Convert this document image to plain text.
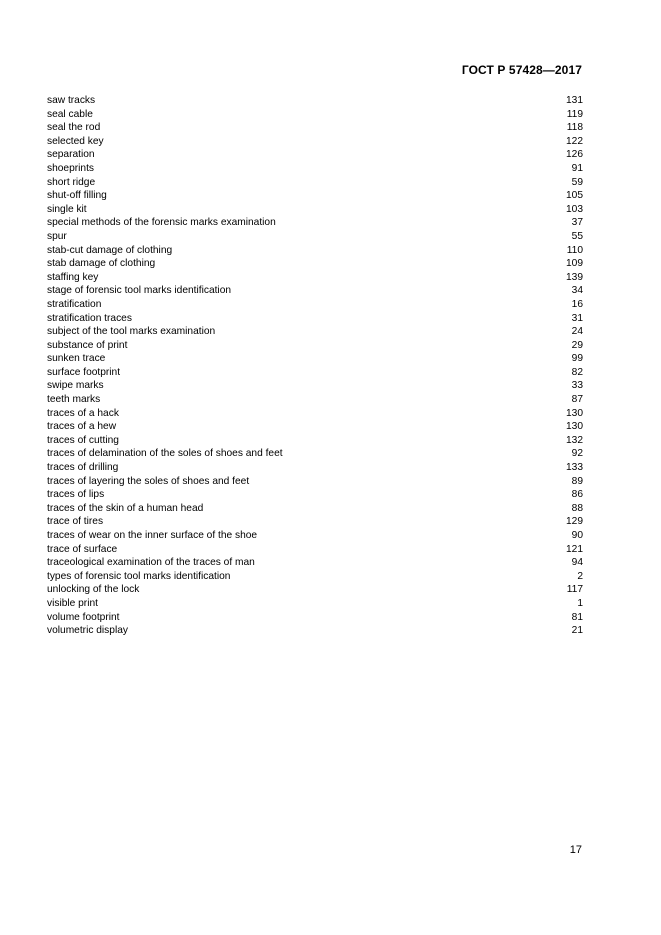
ГОСТ Р 57428—2017
saw tracks	131
seal cable	119
seal the rod	118
selected key	122
separation	126
shoeprints	91
short ridge	59
shut-off filling	105
single kit	103
special methods of the forensic marks examination	37
spur	55
stab-cut damage of clothing	110
stab damage of clothing	109
staffing key	139
stage of forensic tool marks identification	34
stratification	16
stratification traces	31
subject of the tool marks examination	24
substance of print	29
sunken trace	99
surface footprint	82
swipe marks	33
teeth marks	87
traces of a hack	130
traces of a hew	130
traces of cutting	132
traces of delamination of the soles of shoes and feet	92
traces of drilling	133
traces of layering the soles of shoes and feet	89
traces of lips	86
traces of the skin of a human head	88
trace of tires	129
traces of wear on the inner surface of the shoe	90
trace of surface	121
traceological examination of the traces of man	94
types of forensic tool marks identification	2
unlocking of the lock	117
visible print	1
volume footprint	81
volumetric display	21
17
